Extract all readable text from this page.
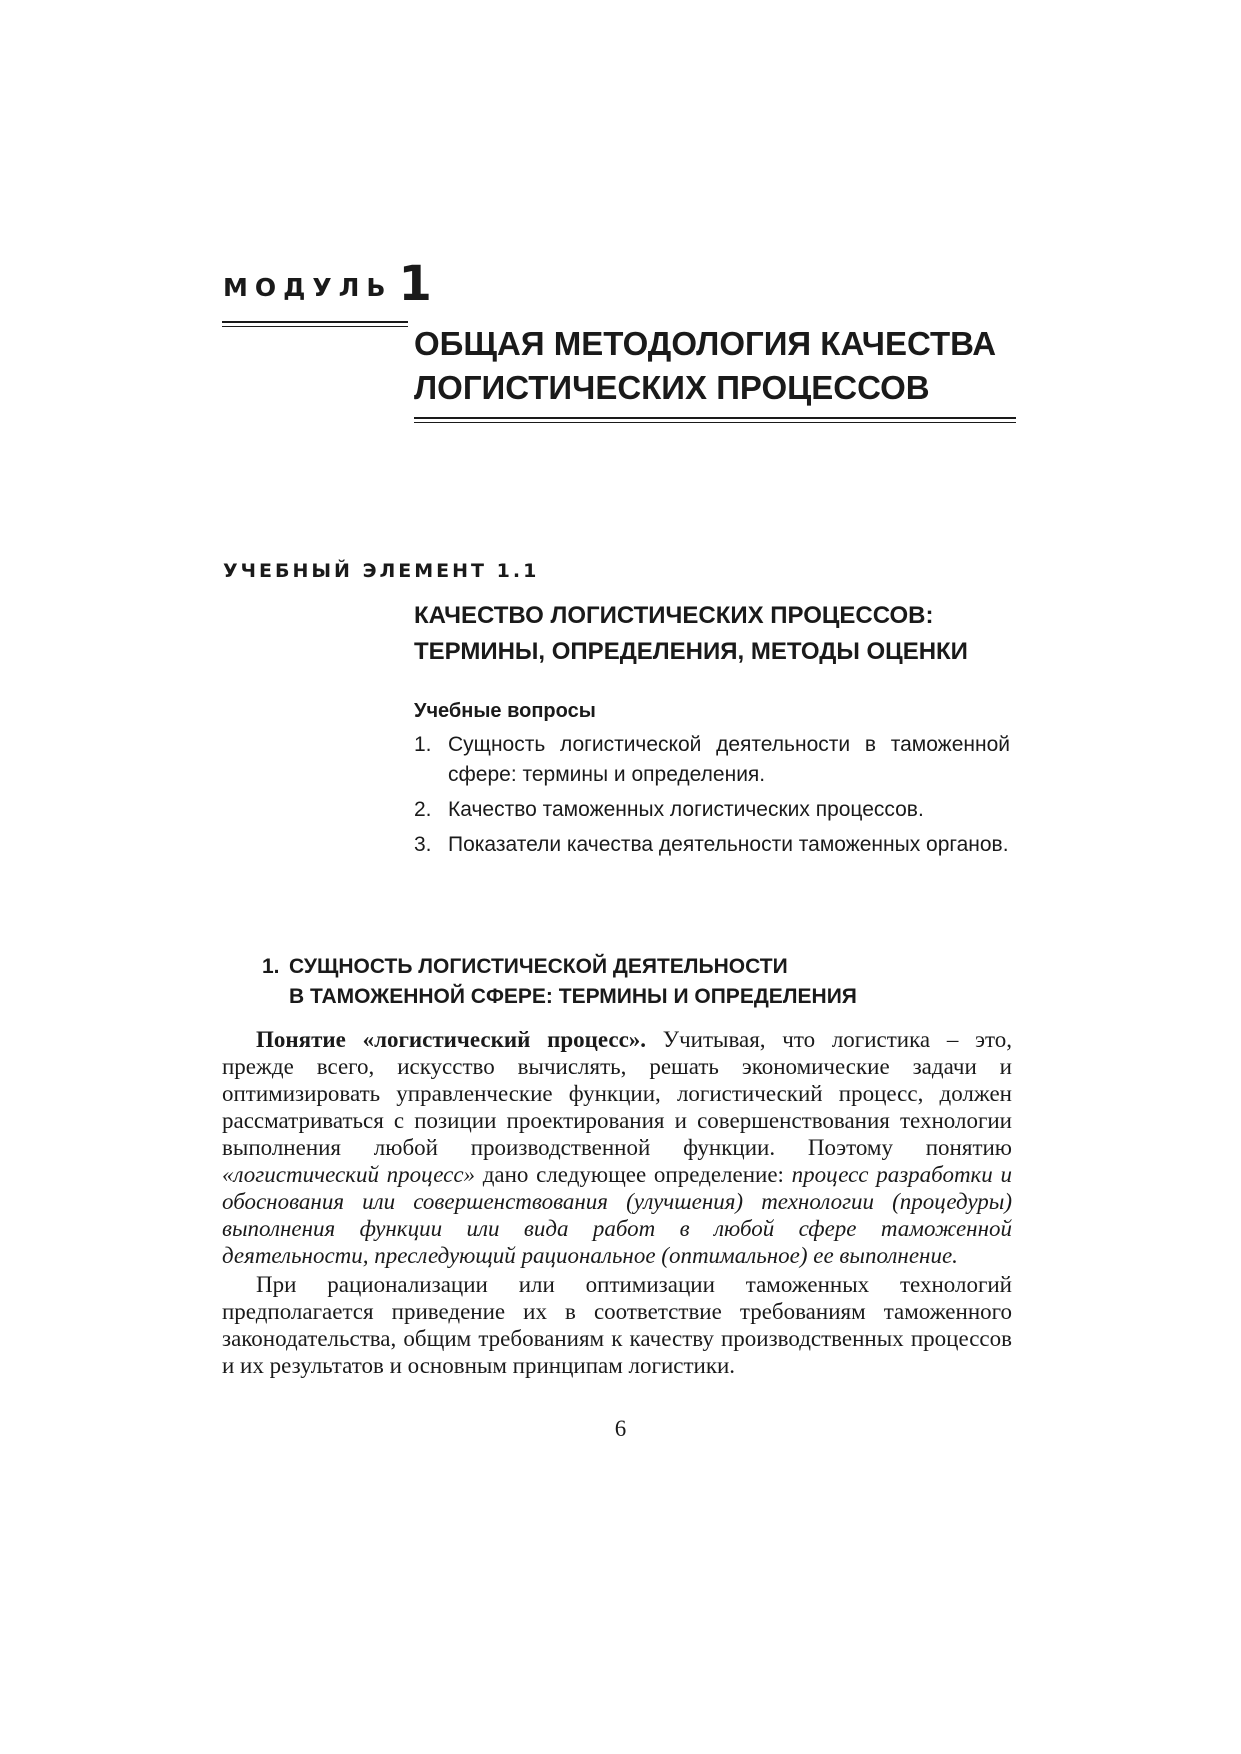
МОДУЛЬ 1
ОБЩАЯ МЕТОДОЛОГИЯ КАЧЕСТВА
ЛОГИСТИЧЕСКИХ ПРОЦЕССОВ
УЧЕБНЫЙ ЭЛЕМЕНТ 1.1
КАЧЕСТВО ЛОГИСТИЧЕСКИХ ПРОЦЕССОВ:
ТЕРМИНЫ, ОПРЕДЕЛЕНИЯ, МЕТОДЫ ОЦЕНКИ
Учебные вопросы
1. Сущность логистической деятельности в таможенной сфере: термины и определения.
2. Качество таможенных логистических процессов.
3. Показатели качества деятельности таможенных органов.
1. СУЩНОСТЬ ЛОГИСТИЧЕСКОЙ ДЕЯТЕЛЬНОСТИ
В ТАМОЖЕННОЙ СФЕРЕ: ТЕРМИНЫ И ОПРЕДЕЛЕНИЯ

Понятие «логистический процесс». Учитывая, что логистика – это, прежде всего, искусство вычислять, решать экономические задачи и оптимизировать управленческие функции, логистический процесс, должен рассматриваться с позиции проектирования и совершенствования технологии выполнения любой производственной функции. Поэтому понятию «логистический процесс» дано следующее определение: процесс разработки и обоснования или совершенствования (улучшения) технологии (процедуры) выполнения функции или вида работ в любой сфере таможенной деятельности, преследующий рациональное (оптимальное) ее выполнение.

При рационализации или оптимизации таможенных технологий предполагается приведение их в соответствие требованиям таможенного законодательства, общим требованиям к качеству производственных процессов и их результатов и основным принципам логистики.

6
